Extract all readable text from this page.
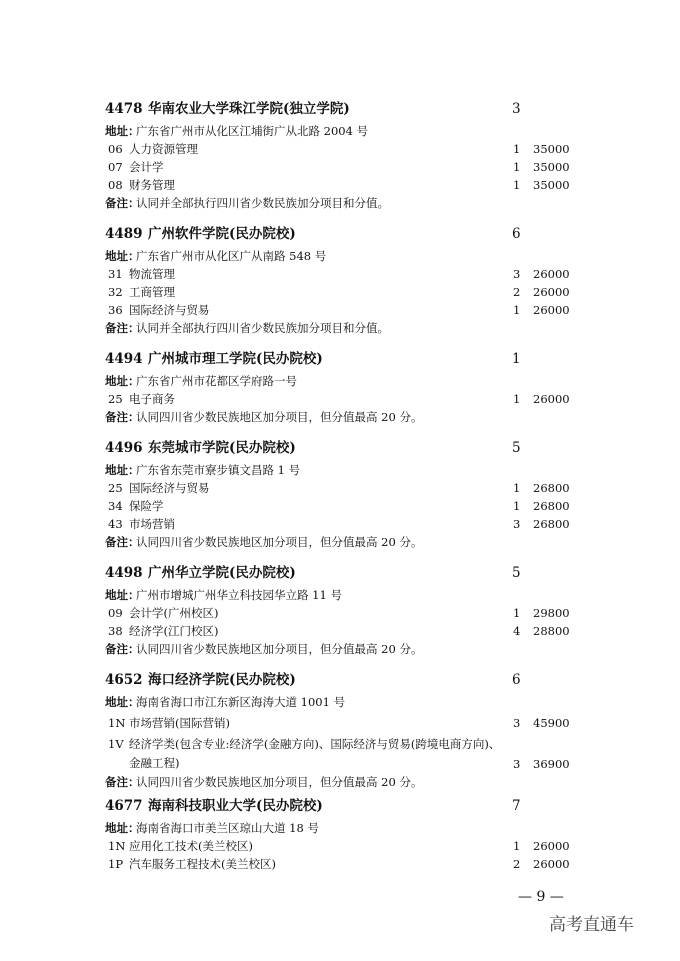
4478 华南农业大学珠江学院(独立学院)	3
地址：
广东省广州市从化区江埔街广从北路 2004 号
06 人力资源管理	1 35000
07 会计学	1 35000
08 财务管理	1 35000
备注：
认同并全部执行四川省少数民族加分项目和分值。
4489 广州软件学院(民办院校)	6
地址：
广东省广州市从化区广从南路 548 号
31 物流管理	3 26000
32 工商管理	2 26000
36 国际经济与贸易	1 26000
备注：
认同并全部执行四川省少数民族加分项目和分值。
4494 广州城市理工学院(民办院校)	1
地址：
广东省广州市花都区学府路一号
25 电子商务	1 26000
备注：
认同四川省少数民族地区加分项目，但分值最高 20 分。
4496 东莞城市学院(民办院校)	5
地址：
广东省东莞市寮步镇文昌路 1 号
25 国际经济与贸易	1 26800
34 保险学	1 26800
43 市场营销	3 26800
备注：
认同四川省少数民族地区加分项目，但分值最高 20 分。
4498 广州华立学院(民办院校)	5
地址：
广州市增城广州华立科技园华立路 11 号
09 会计学(广州校区)	1 29800
38 经济学(江门校区)	4 28800
备注：
认同四川省少数民族地区加分项目，但分值最高 20 分。
4652 海口经济学院(民办院校)	6
地址：
海南省海口市江东新区海涛大道 1001 号
1N 市场营销(国际营销)	3 45900
1V 经济学类(包含专业:经济学(金融方向)、国际经济与贸易(跨境电商方向)、金融工程)	3 36900
备注：
认同四川省少数民族地区加分项目，但分值最高 20 分。
4677 海南科技职业大学(民办院校)	7
地址：
海南省海口市美兰区琼山大道 18 号
1N 应用化工技术(美兰校区)	1 26000
1P 汽车服务工程技术(美兰校区)	2 26000
— 9 —
高考直通车
